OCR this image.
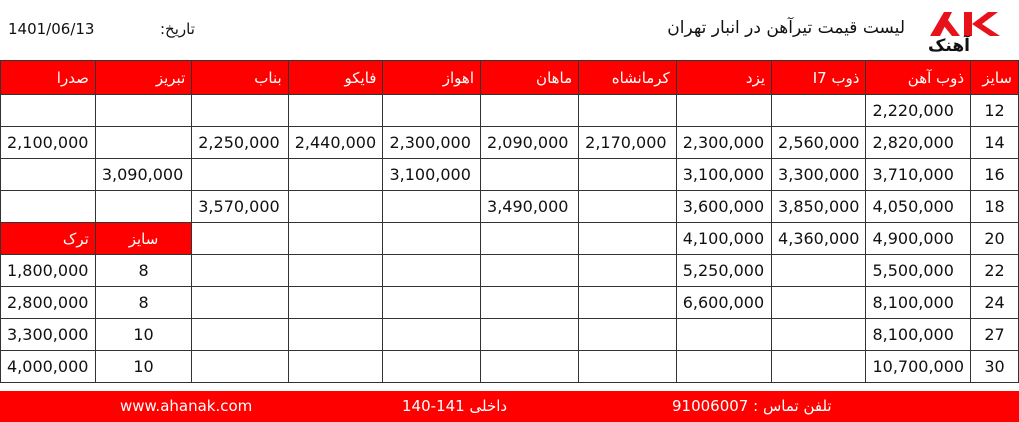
1401/06/13	تاریخ:	لیست قیمت تیرآهن در انبار تهران
آهنک
سایز	ذوب آهن	ذوب I7	یزد	کرمانشاه	ماهان	اهواز	فایکو	بناب	تبریز	صدرا
12	2,220,000									
14	2,820,000	2,560,000	2,300,000	2,170,000	2,090,000	2,300,000	2,440,000	2,250,000		2,100,000
16	3,710,000	3,300,000	3,100,000			3,100,000			3,090,000	
18	4,050,000	3,850,000	3,600,000		3,490,000			3,570,000		
20	4,900,000	4,360,000	4,100,000						سایز	ترک
22	5,500,000		5,250,000						8	1,800,000
24	8,100,000		6,600,000						8	2,800,000
27	8,100,000								10	3,300,000
30	10,700,000								10	4,000,000
تلفن تماس : 91006007
داخلی 141-140
www.ahanak.com
